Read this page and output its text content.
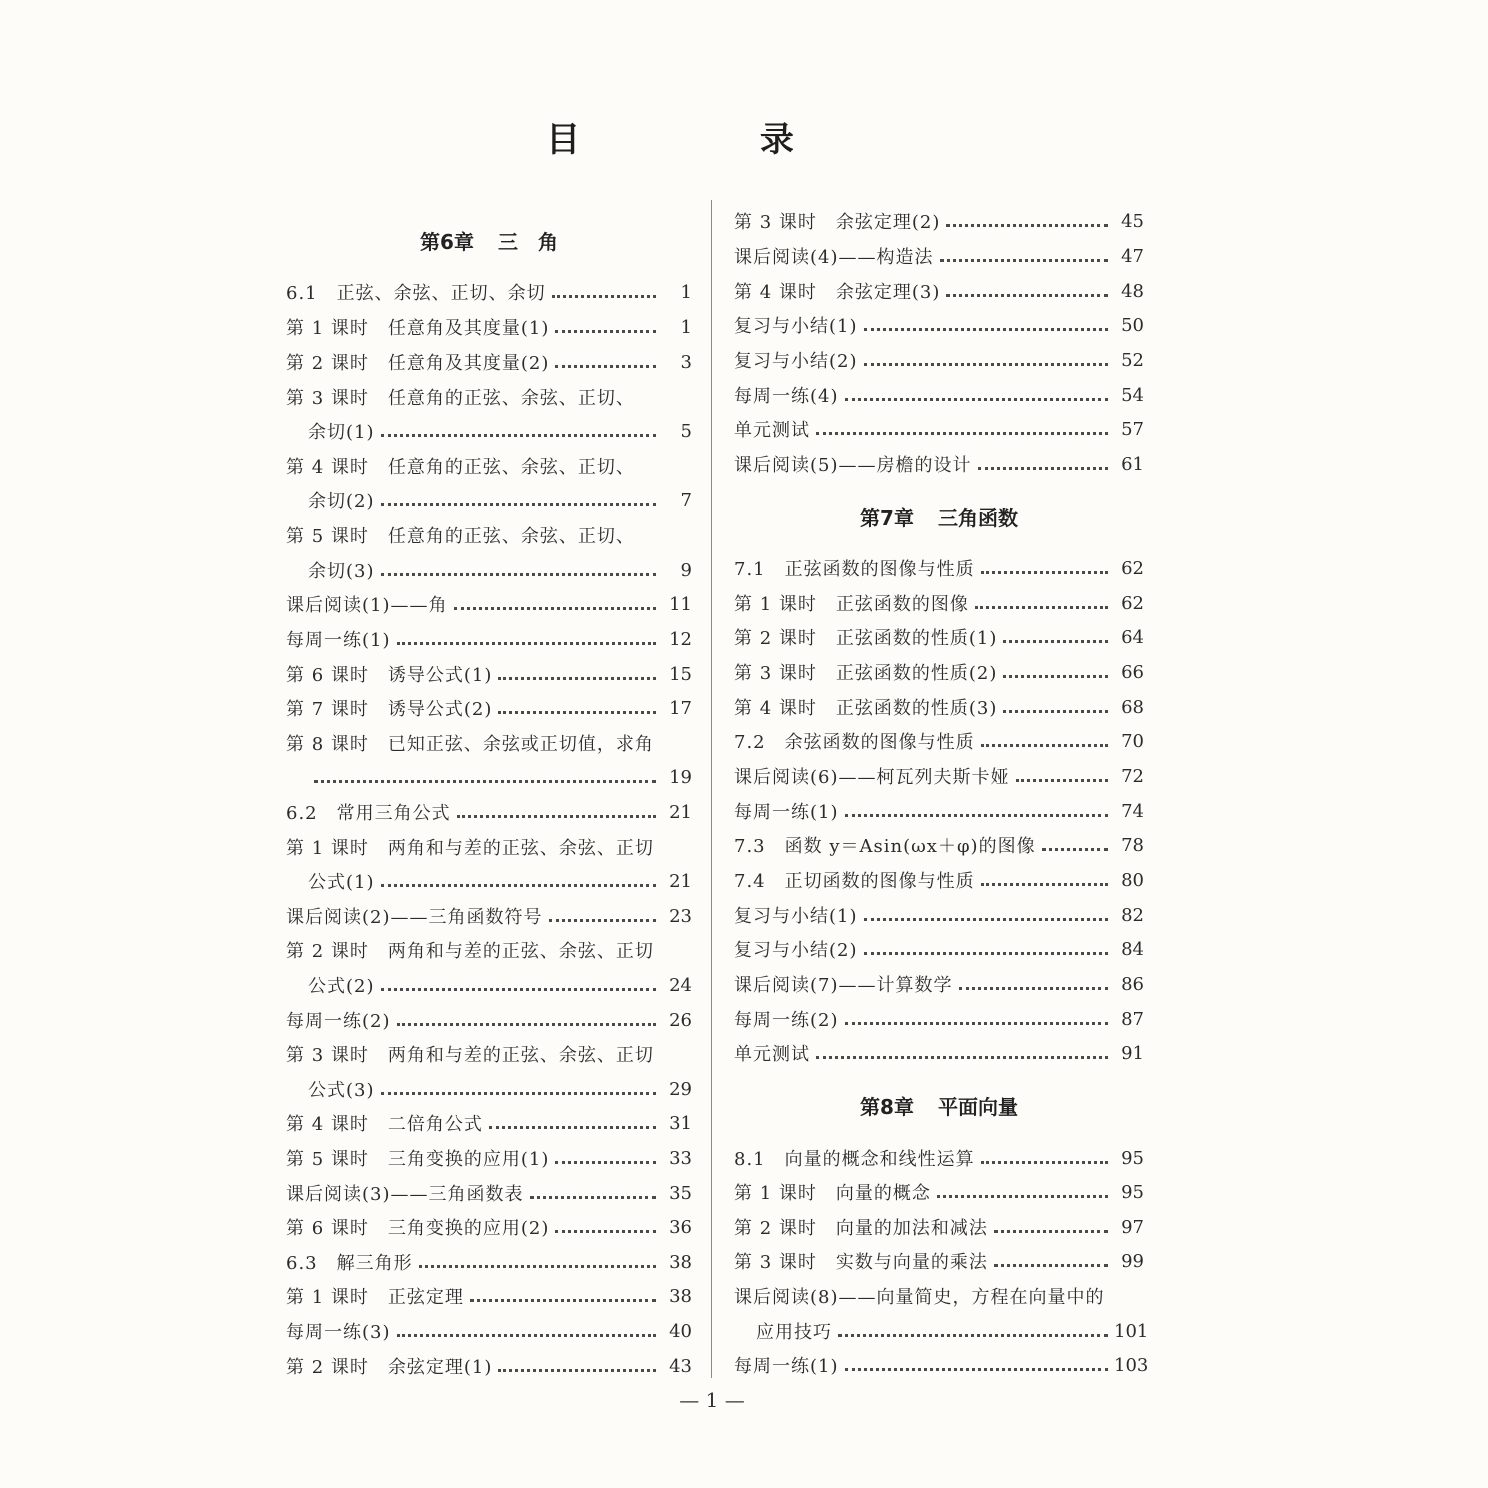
目 录
第6章 三　角
6.1　正弦、余弦、正切、余切	1
第 1 课时　任意角及其度量(1)	1
第 2 课时　任意角及其度量(2)	3
第 3 课时　任意角的正弦、余弦、正切、
余切(1)	5
第 4 课时　任意角的正弦、余弦、正切、
余切(2)	7
第 5 课时　任意角的正弦、余弦、正切、
余切(3)	9
课后阅读(1)——角	11
每周一练(1)	12
第 6 课时　诱导公式(1)	15
第 7 课时　诱导公式(2)	17
第 8 课时　已知正弦、余弦或正切值，求角
19
6.2　常用三角公式	21
第 1 课时　两角和与差的正弦、余弦、正切
公式(1)	21
课后阅读(2)——三角函数符号	23
第 2 课时　两角和与差的正弦、余弦、正切
公式(2)	24
每周一练(2)	26
第 3 课时　两角和与差的正弦、余弦、正切
公式(3)	29
第 4 课时　二倍角公式	31
第 5 课时　三角变换的应用(1)	33
课后阅读(3)——三角函数表	35
第 6 课时　三角变换的应用(2)	36
6.3　解三角形	38
第 1 课时　正弦定理	38
每周一练(3)	40
第 2 课时　余弦定理(1)	43
第 3 课时　余弦定理(2)	45
课后阅读(4)——构造法	47
第 4 课时　余弦定理(3)	48
复习与小结(1)	50
复习与小结(2)	52
每周一练(4)	54
单元测试	57
课后阅读(5)——房檐的设计	61
第7章 三角函数
7.1　正弦函数的图像与性质	62
第 1 课时　正弦函数的图像	62
第 2 课时　正弦函数的性质(1)	64
第 3 课时　正弦函数的性质(2)	66
第 4 课时　正弦函数的性质(3)	68
7.2　余弦函数的图像与性质	70
课后阅读(6)——柯瓦列夫斯卡娅	72
每周一练(1)	74
7.3　函数 y＝Asin(ωx＋φ)的图像	78
7.4　正切函数的图像与性质	80
复习与小结(1)	82
复习与小结(2)	84
课后阅读(7)——计算数学	86
每周一练(2)	87
单元测试	91
第8章 平面向量
8.1　向量的概念和线性运算	95
第 1 课时　向量的概念	95
第 2 课时　向量的加法和减法	97
第 3 课时　实数与向量的乘法	99
课后阅读(8)——向量简史，方程在向量中的
应用技巧	101
每周一练(1)	103
— 1 —
